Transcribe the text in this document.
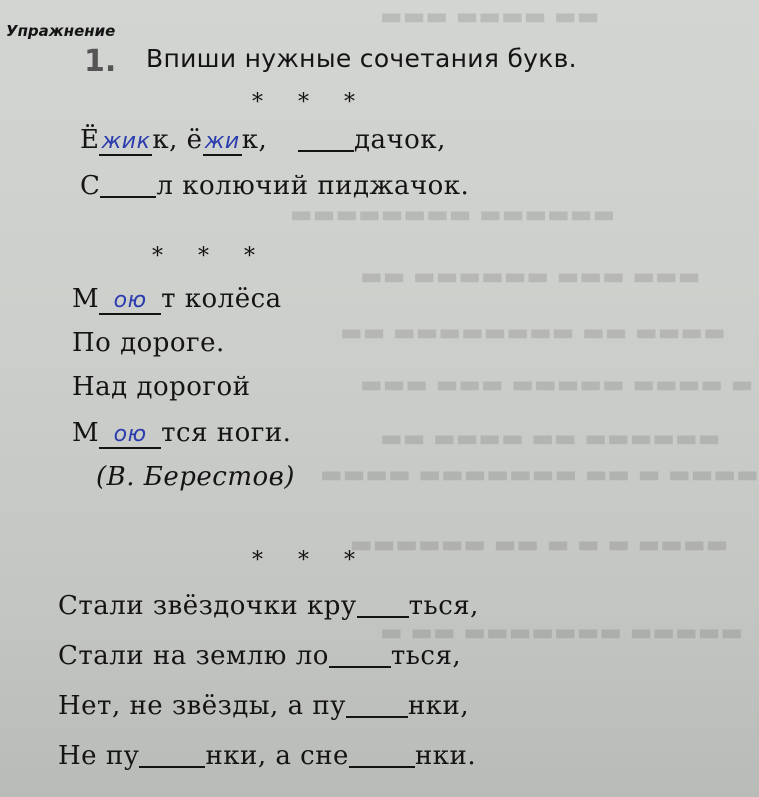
▬▬ ▬▬▬▬ ▬▬▬
▬▬▬▬▬▬ ▬▬▬▬▬▬▬▬
▬▬▬ ▬▬▬ ▬▬▬▬▬▬ ▬▬
▬▬▬▬ ▬▬ ▬▬▬▬▬▬▬▬ ▬▬
▬ ▬▬▬▬ ▬▬▬▬▬ ▬▬▬ ▬▬▬
▬▬▬▬▬▬ ▬▬ ▬▬▬▬ ▬▬
▬▬▬▬ ▬ ▬▬ ▬▬▬▬▬▬▬ ▬▬▬▬
▬▬▬▬ ▬ ▬ ▬ ▬▬ ▬▬▬▬▬▬
▬▬▬▬▬ ▬▬▬▬▬▬▬ ▬▬ ▬
Упражнение
1. Впиши нужные сочетания букв.
* * *
Ёжикк, ёжик,	дачок,
С л колючий пиджачок.
* * *
М ою т колёса
По дороге.
Над дорогой
М ою тся ноги.
(В. Берестов)
* * *
Стали звёздочки кру ться,
Стали на землю ло ться,
Нет, не звёзды, а пу нки,
Не пу	нки, а сне	нки.
